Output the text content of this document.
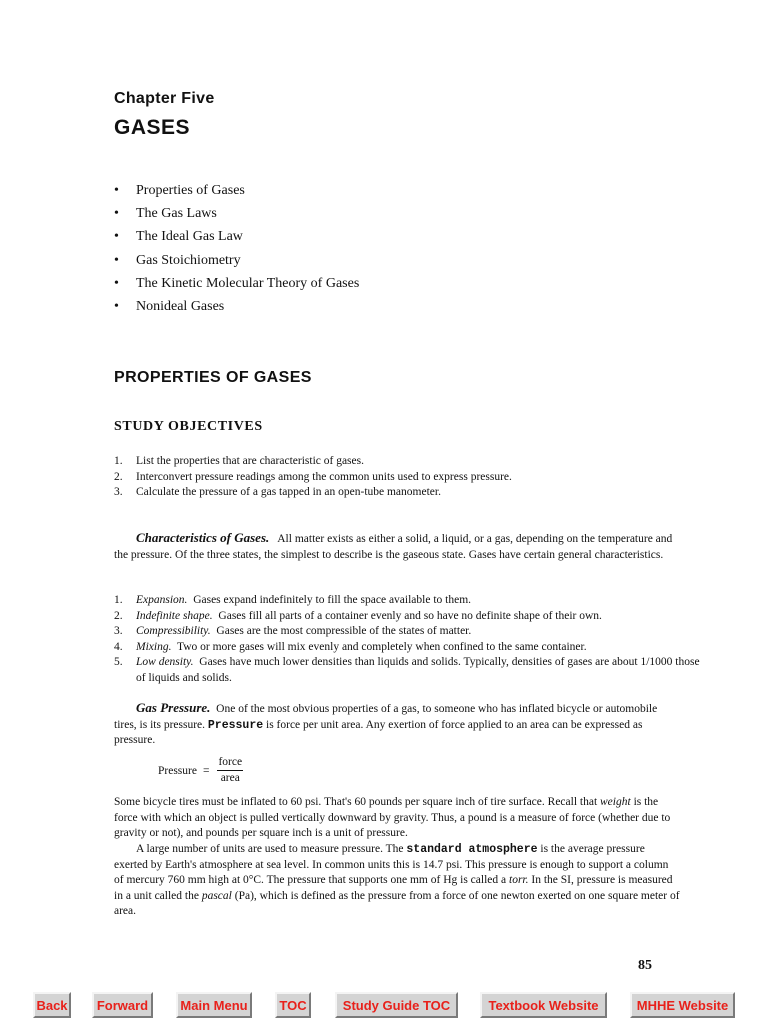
Chapter Five
GASES
• Properties of Gases
• The Gas Laws
• The Ideal Gas Law
• Gas Stoichiometry
• The Kinetic Molecular Theory of Gases
• Nonideal Gases
PROPERTIES OF GASES
STUDY OBJECTIVES
1. List the properties that are characteristic of gases.
2. Interconvert pressure readings among the common units used to express pressure.
3. Calculate the pressure of a gas tapped in an open-tube manometer.

Characteristics of Gases. All matter exists as either a solid, a liquid, or a gas, depending on the temperature and the pressure. Of the three states, the simplest to describe is the gaseous state. Gases have certain general characteristics.

1.	Expansion. Gases expand indefinitely to fill the space available to them.
2.	Indefinite shape. Gases fill all parts of a container evenly and so have no definite shape of their own.
3.	Compressibility. Gases are the most compressible of the states of matter.
4.	Mixing. Two or more gases will mix evenly and completely when confined to the same container.
5.	Low density. Gases have much lower densities than liquids and solids. Typically, densities of gases are about 1/1000 those of liquids and solids.

Gas Pressure. One of the most obvious properties of a gas, to someone who has inflated bicycle or automobile tires, is its pressure. Pressure is force per unit area. Any exertion of force applied to an area can be expressed as pressure.

Pressure = $\frac{\text{force}}{\text{area}}$

Some bicycle tires must be inflated to 60 psi. That's 60 pounds per square inch of tire surface. Recall that weight is the force with which an object is pulled vertically downward by gravity. Thus, a pound is a measure of force (whether due to gravity or not), and pounds per square inch is a unit of pressure.

A large number of units are used to measure pressure. The standard atmosphere is the average pressure exerted by Earth's atmosphere at sea level. In common units this is 14.7 psi. This pressure is enough to support a column of mercury 760 mm high at 0°C. The pressure that supports one mm of Hg is called a torr. In the SI, pressure is measured in a unit called the pascal (Pa), which is defined as the pressure from a force of one newton exerted on one square meter of area.

85
Back	Forward	Main Menu	TOC	Study Guide TOC	Textbook Website	MHHE Website
